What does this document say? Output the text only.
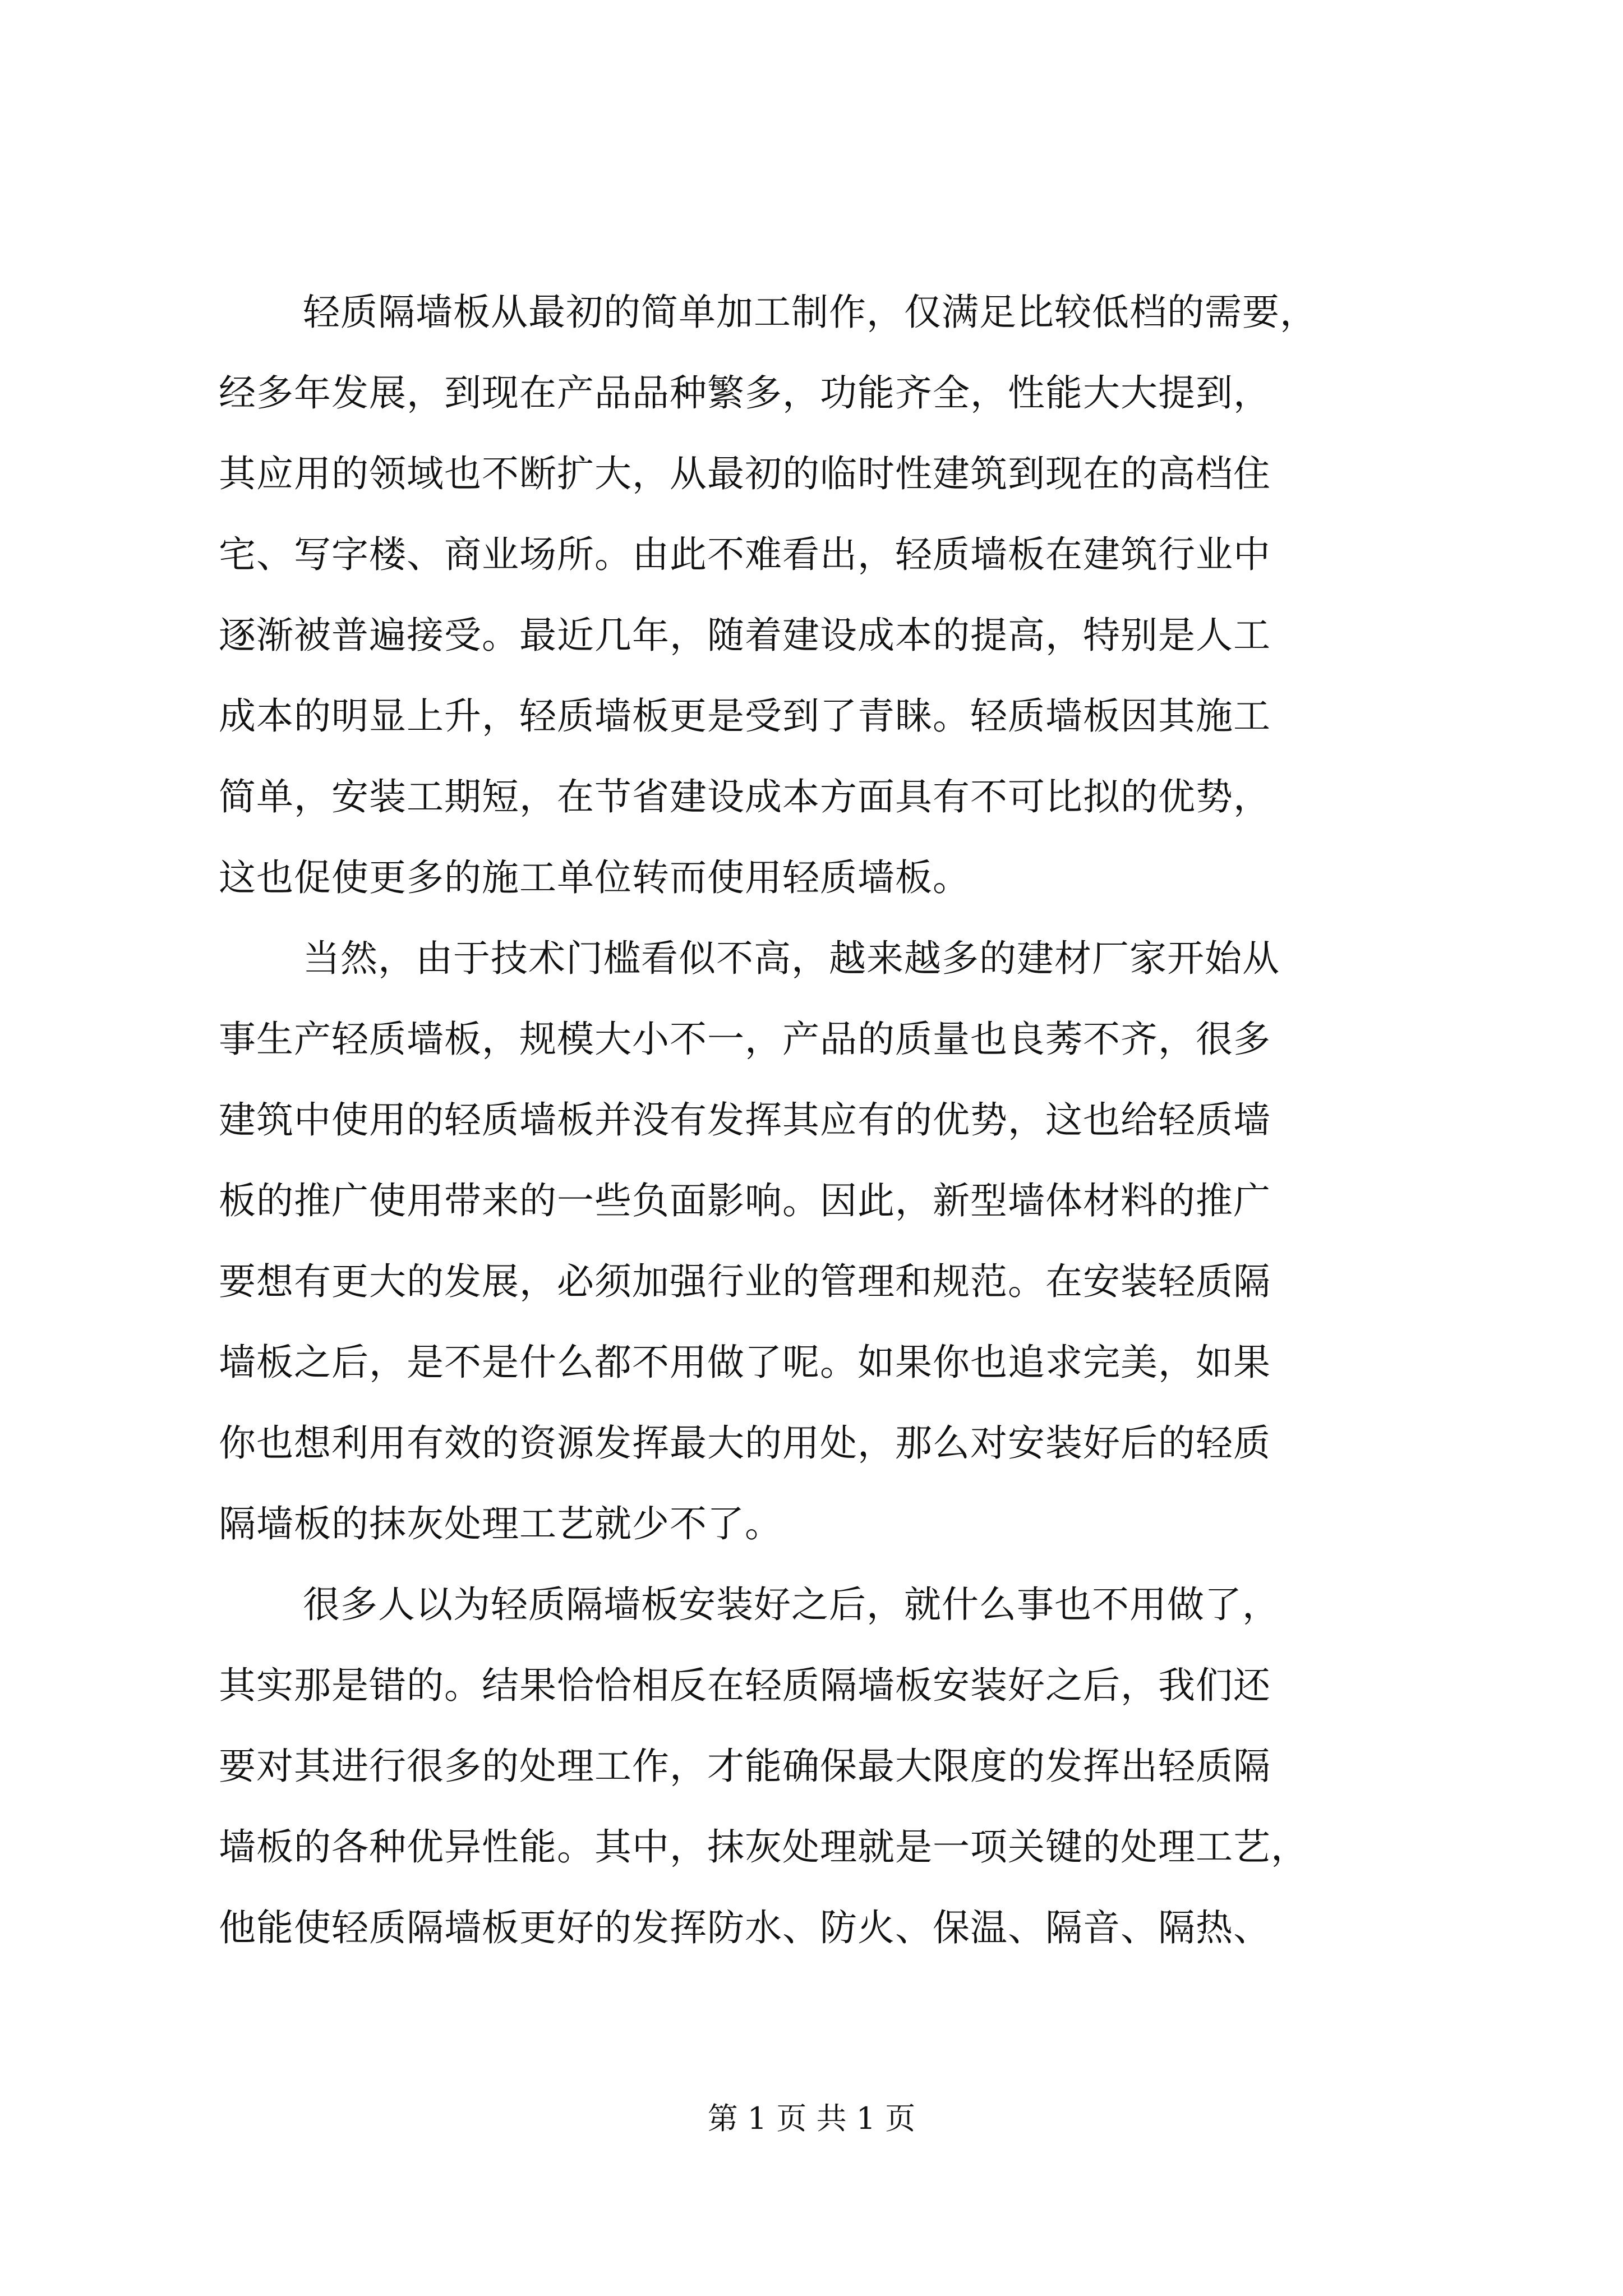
轻质隔墙板从最初的简单加工制作，仅满足比较低档的需要，
经多年发展，到现在产品品种繁多，功能齐全，性能大大提到，
其应用的领域也不断扩大，从最初的临时性建筑到现在的高档住
宅、写字楼、商业场所。由此不难看出，轻质墙板在建筑行业中
逐渐被普遍接受。最近几年，随着建设成本的提高，特别是人工
成本的明显上升，轻质墙板更是受到了青睐。轻质墙板因其施工
简单，安装工期短，在节省建设成本方面具有不可比拟的优势，
这也促使更多的施工单位转而使用轻质墙板。
当然，由于技术门槛看似不高，越来越多的建材厂家开始从
事生产轻质墙板，规模大小不一，产品的质量也良莠不齐，很多
建筑中使用的轻质墙板并没有发挥其应有的优势，这也给轻质墙
板的推广使用带来的一些负面影响。因此，新型墙体材料的推广
要想有更大的发展，必须加强行业的管理和规范。在安装轻质隔
墙板之后，是不是什么都不用做了呢。如果你也追求完美，如果
你也想利用有效的资源发挥最大的用处，那么对安装好后的轻质
隔墙板的抹灰处理工艺就少不了。
很多人以为轻质隔墙板安装好之后，就什么事也不用做了，
其实那是错的。结果恰恰相反在轻质隔墙板安装好之后，我们还
要对其进行很多的处理工作，才能确保最大限度的发挥出轻质隔
墙板的各种优异性能。其中，抹灰处理就是一项关键的处理工艺，
他能使轻质隔墙板更好的发挥防水、防火、保温、隔音、隔热、
第 1 页 共 1 页
